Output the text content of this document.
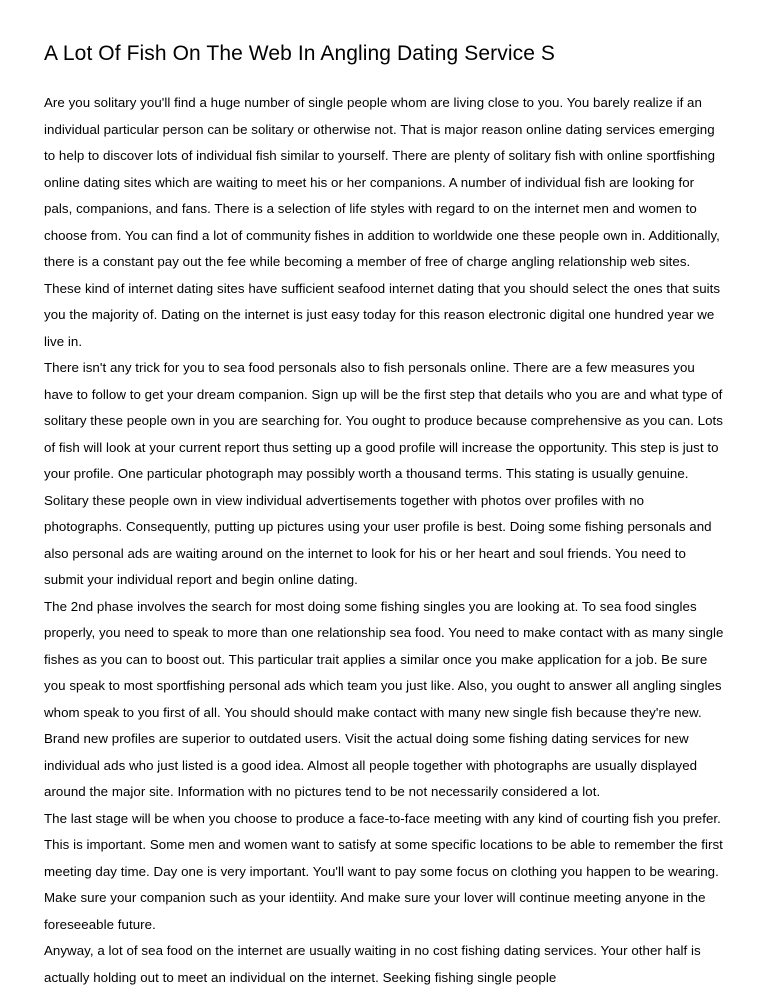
A Lot Of Fish On The Web In Angling Dating Service S

Are you solitary you'll find a huge number of single people whom are living close to you. You barely realize if an individual particular person can be solitary or otherwise not. That is major reason online dating services emerging to help to discover lots of individual fish similar to yourself. There are plenty of solitary fish with online sportfishing online dating sites which are waiting to meet his or her companions. A number of individual fish are looking for pals, companions, and fans. There is a selection of life styles with regard to on the internet men and women to choose from. You can find a lot of community fishes in addition to worldwide one these people own in. Additionally, there is a constant pay out the fee while becoming a member of free of charge angling relationship web sites. These kind of internet dating sites have sufficient seafood internet dating that you should select the ones that suits you the majority of. Dating on the internet is just easy today for this reason electronic digital one hundred year we live in.

There isn't any trick for you to sea food personals also to fish personals online. There are a few measures you have to follow to get your dream companion. Sign up will be the first step that details who you are and what type of solitary these people own in you are searching for. You ought to produce because comprehensive as you can. Lots of fish will look at your current report thus setting up a good profile will increase the opportunity. This step is just to your profile. One particular photograph may possibly worth a thousand terms. This stating is usually genuine. Solitary these people own in view individual advertisements together with photos over profiles with no photographs. Consequently, putting up pictures using your user profile is best. Doing some fishing personals and also personal ads are waiting around on the internet to look for his or her heart and soul friends. You need to submit your individual report and begin online dating.

The 2nd phase involves the search for most doing some fishing singles you are looking at. To sea food singles properly, you need to speak to more than one relationship sea food. You need to make contact with as many single fishes as you can to boost out. This particular trait applies a similar once you make application for a job. Be sure you speak to most sportfishing personal ads which team you just like. Also, you ought to answer all angling singles whom speak to you first of all. You should should make contact with many new single fish because they're new. Brand new profiles are superior to outdated users. Visit the actual doing some fishing dating services for new individual ads who just listed is a good idea. Almost all people together with photographs are usually displayed around the major site. Information with no pictures tend to be not necessarily considered a lot.

The last stage will be when you choose to produce a face-to-face meeting with any kind of courting fish you prefer. This is important. Some men and women want to satisfy at some specific locations to be able to remember the first meeting day time. Day one is very important. You'll want to pay some focus on clothing you happen to be wearing. Make sure your companion such as your identiity. And make sure your lover will continue meeting anyone in the foreseeable future.

Anyway, a lot of sea food on the internet are usually waiting in no cost fishing dating services. Your other half is actually holding out to meet an individual on the internet. Seeking fishing single people
